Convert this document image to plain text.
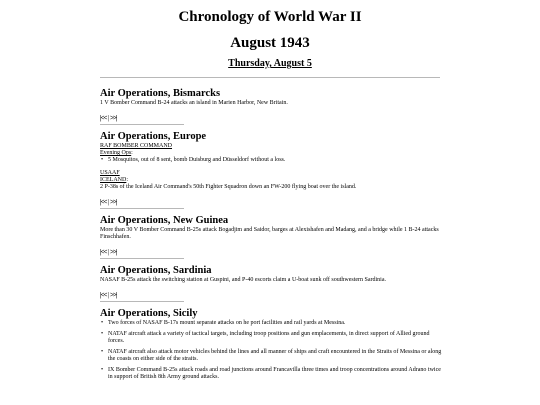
Chronology of World War II
August 1943
Thursday, August 5
Air Operations, Bismarcks

1 V Bomber Command B-24 attacks an island in Marien Harbor, New Britain.

|<< | >>|
Air Operations, Europe

RAF BOMBER COMMAND

Evening Ops:

• 5 Mosquitos, out of 8 sent, bomb Duisburg and Düsseldorf without a loss.

USAAF

ICELAND:

2 P-38s of the Iceland Air Command's 50th Fighter Squadron down an FW-200 flying boat over the island.

|<< | >>|
Air Operations, New Guinea

More than 30 V Bomber Command B-25s attack Bogadjim and Saidor, barges at Alexishafen and Madang, and a bridge while 1 B-24 attacks Finschhafen.

|<< | >>|
Air Operations, Sardinia

NASAF B-25s attack the switching station at Guspini, and P-40 escorts claim a U-boat sunk off southwestern Sardinia.

|<< | >>|
Air Operations, Sicily
• Two forces of NASAF B-17s mount separate attacks on he port facilities and rail yards at Messina.
• NATAF aircraft attack a variety of tactical targets, including troop positions and gun emplacements, in direct support of Allied ground forces.
• NATAF aircraft also attack motor vehicles behind the lines and all manner of ships and craft encountered in the Straits of Messina or along the coasts on either side of the straits.
• IX Bomber Command B-25s attack roads and road junctions around Francavilla three times and troop concentrations around Adrano twice in support of British 8th Army ground attacks.
